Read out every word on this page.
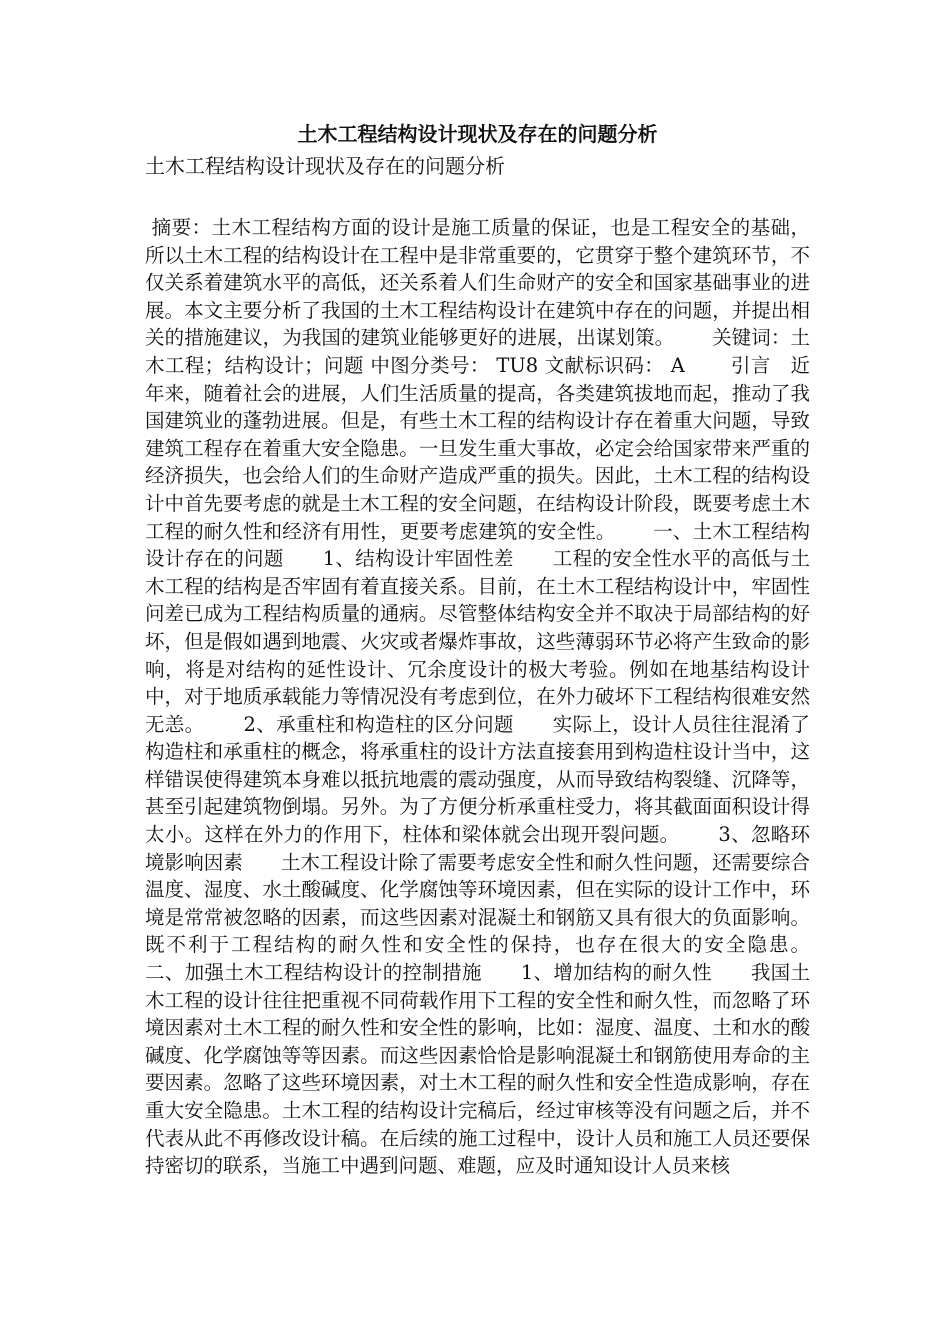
土木工程结构设计现状及存在的问题分析
土木工程结构设计现状及存在的问题分析

摘要：土木工程结构方面的设计是施工质量的保证，也是工程安全的基础，所以土木工程的结构设计在工程中是非常重要的，它贯穿于整个建筑环节，不仅关系着建筑水平的高低，还关系着人们生命财产的安全和国家基础事业的进展。本文主要分析了我国的土木工程结构设计在建筑中存在的问题，并提出相关的措施建议，为我国的建筑业能够更好的进展，出谋划策。      关键词：土木工程；结构设计；问题 中图分类号： TU8 文献标识码： A       引言   近年来，随着社会的进展，人们生活质量的提高，各类建筑拔地而起，推动了我国建筑业的蓬勃进展。但是，有些土木工程的结构设计存在着重大问题，导致建筑工程存在着重大安全隐患。一旦发生重大事故，必定会给国家带来严重的经济损失，也会给人们的生命财产造成严重的损失。因此，土木工程的结构设计中首先要考虑的就是土木工程的安全问题，在结构设计阶段，既要考虑土木工程的耐久性和经济有用性，更要考虑建筑的安全性。      一、土木工程结构设计存在的问题      1、结构设计牢固性差      工程的安全性水平的高低与土木工程的结构是否牢固有着直接关系。目前，在土木工程结构设计中，牢固性问差已成为工程结构质量的通病。尽管整体结构安全并不取决于局部结构的好坏，但是假如遇到地震、火灾或者爆炸事故，这些薄弱环节必将产生致命的影响，将是对结构的延性设计、冗余度设计的极大考验。例如在地基结构设计中，对于地质承载能力等情况没有考虑到位，在外力破坏下工程结构很难安然无恙。      2、承重柱和构造柱的区分问题      实际上，设计人员往往混淆了构造柱和承重柱的概念，将承重柱的设计方法直接套用到构造柱设计当中，这样错误使得建筑本身难以抵抗地震的震动强度，从而导致结构裂缝、沉降等，甚至引起建筑物倒塌。另外。为了方便分析承重柱受力，将其截面面积设计得太小。这样在外力的作用下，柱体和梁体就会出现开裂问题。      3、忽略环境影响因素      土木工程设计除了需要考虑安全性和耐久性问题，还需要综合温度、湿度、水土酸碱度、化学腐蚀等环境因素，但在实际的设计工作中，环境是常常被忽略的因素，而这些因素对混凝土和钢筋又具有很大的负面影响。既不利于工程结构的耐久性和安全性的保持，也存在很大的安全隐患。      二、加强土木工程结构设计的控制措施      1、增加结构的耐久性      我国土木工程的设计往往把重视不同荷载作用下工程的安全性和耐久性，而忽略了环境因素对土木工程的耐久性和安全性的影响，比如：湿度、温度、土和水的酸碱度、化学腐蚀等等因素。而这些因素恰恰是影响混凝土和钢筋使用寿命的主要因素。忽略了这些环境因素，对土木工程的耐久性和安全性造成影响，存在重大安全隐患。土木工程的结构设计完稿后，经过审核等没有问题之后，并不代表从此不再修改设计稿。在后续的施工过程中，设计人员和施工人员还要保持密切的联系，当施工中遇到问题、难题，应及时通知设计人员来核
